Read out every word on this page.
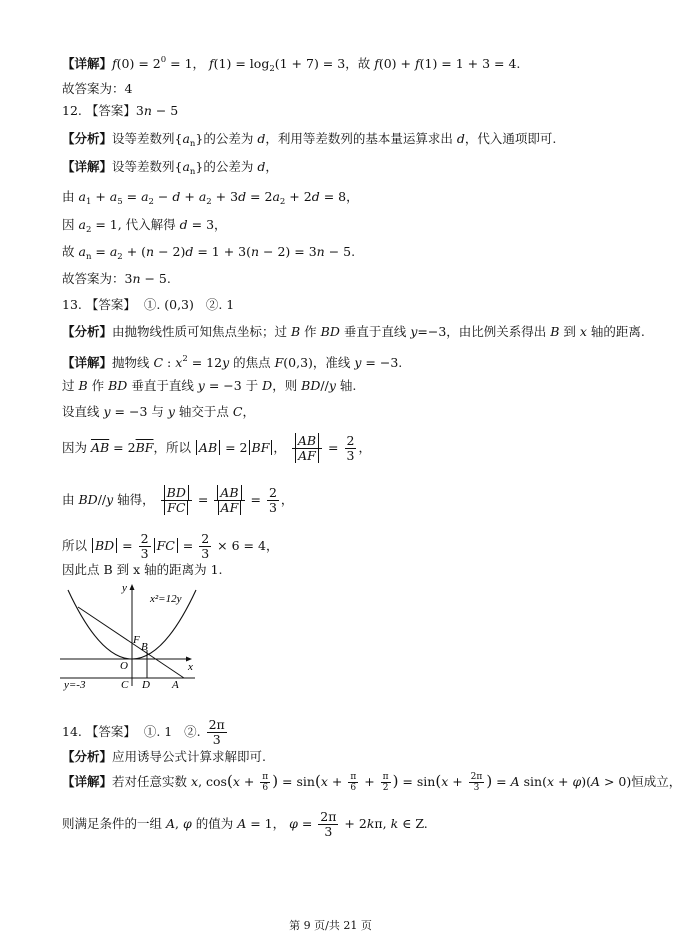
【详解】$f(0) = 2^0 = 1$， $f(1) = \log_2(1 + 7) = 3$，故 f(0) + f(1) = 1 + 3 = 4.
故答案为：4
12. 【答案】3n − 5
【分析】设等差数列$\{a_n\}$的公差为 d，利用等差数列的基本量运算求出 d，代入通项即可.
【详解】设等差数列$\{a_n\}$的公差为 d，
由 $a_1 + a_5 = a_2 - d + a_2 + 3d = 2a_2 + 2d = 8$，
因 $a_2 = 1$, 代入解得 d = 3，
故 $a_n = a_2 + (n - 2)d = 1 + 3(n - 2) = 3n - 5$.
故答案为：3n − 5.
13. 【答案】 ①. (0,3) ②. 1
【分析】由抛物线性质可知焦点坐标；过 B 作 BD 垂直于直线 y=−3，由比例关系得出 B 到 x 轴的距离.
【详解】抛物线 C : $x^2 = 12y$ 的焦点 F(0,3)，准线 y = −3.
过 B 作 BD 垂直于直线 y = −3 于 D，则 BD//y 轴.
设直线 y = −3 与 y 轴交于点 C，
因为 $\overline{AB} = 2\overline{BF}$，所以 AB = 2 BF ， $\frac{AB}{AF} = \frac{2}{3}$ ，
由 BD//y 轴得， $\frac{BD}{FC} = \frac{AB}{AF} = \frac{2}{3}$ ，
所以 BD = $\frac{2}{3}$ FC = $\frac{2}{3} \times 6 = 4$，
因此点 B 到 x 轴的距离为 1.
x²=12y
y
x
F
B
O
C D A
y=-3
14. 【答案】 ①. 1 ②. $\frac{2\pi}{3}$
【分析】应用诱导公式计算求解即可.
【详解】若对任意实数 x, $\cos(x + \frac{\pi}{6}$ ) = $\sin(x + \frac{\pi}{6} + \frac{\pi}{2}$ ) = $\sin(x + \frac{2\pi}{3}$ ) = A sin(x + φ)(A > 0)恒成立，
则满足条件的一组 A, φ 的值为 A = 1， $\varphi = \frac{2\pi}{3} + 2k\pi$, k ∈ Z.
第 9 页/共 21 页
